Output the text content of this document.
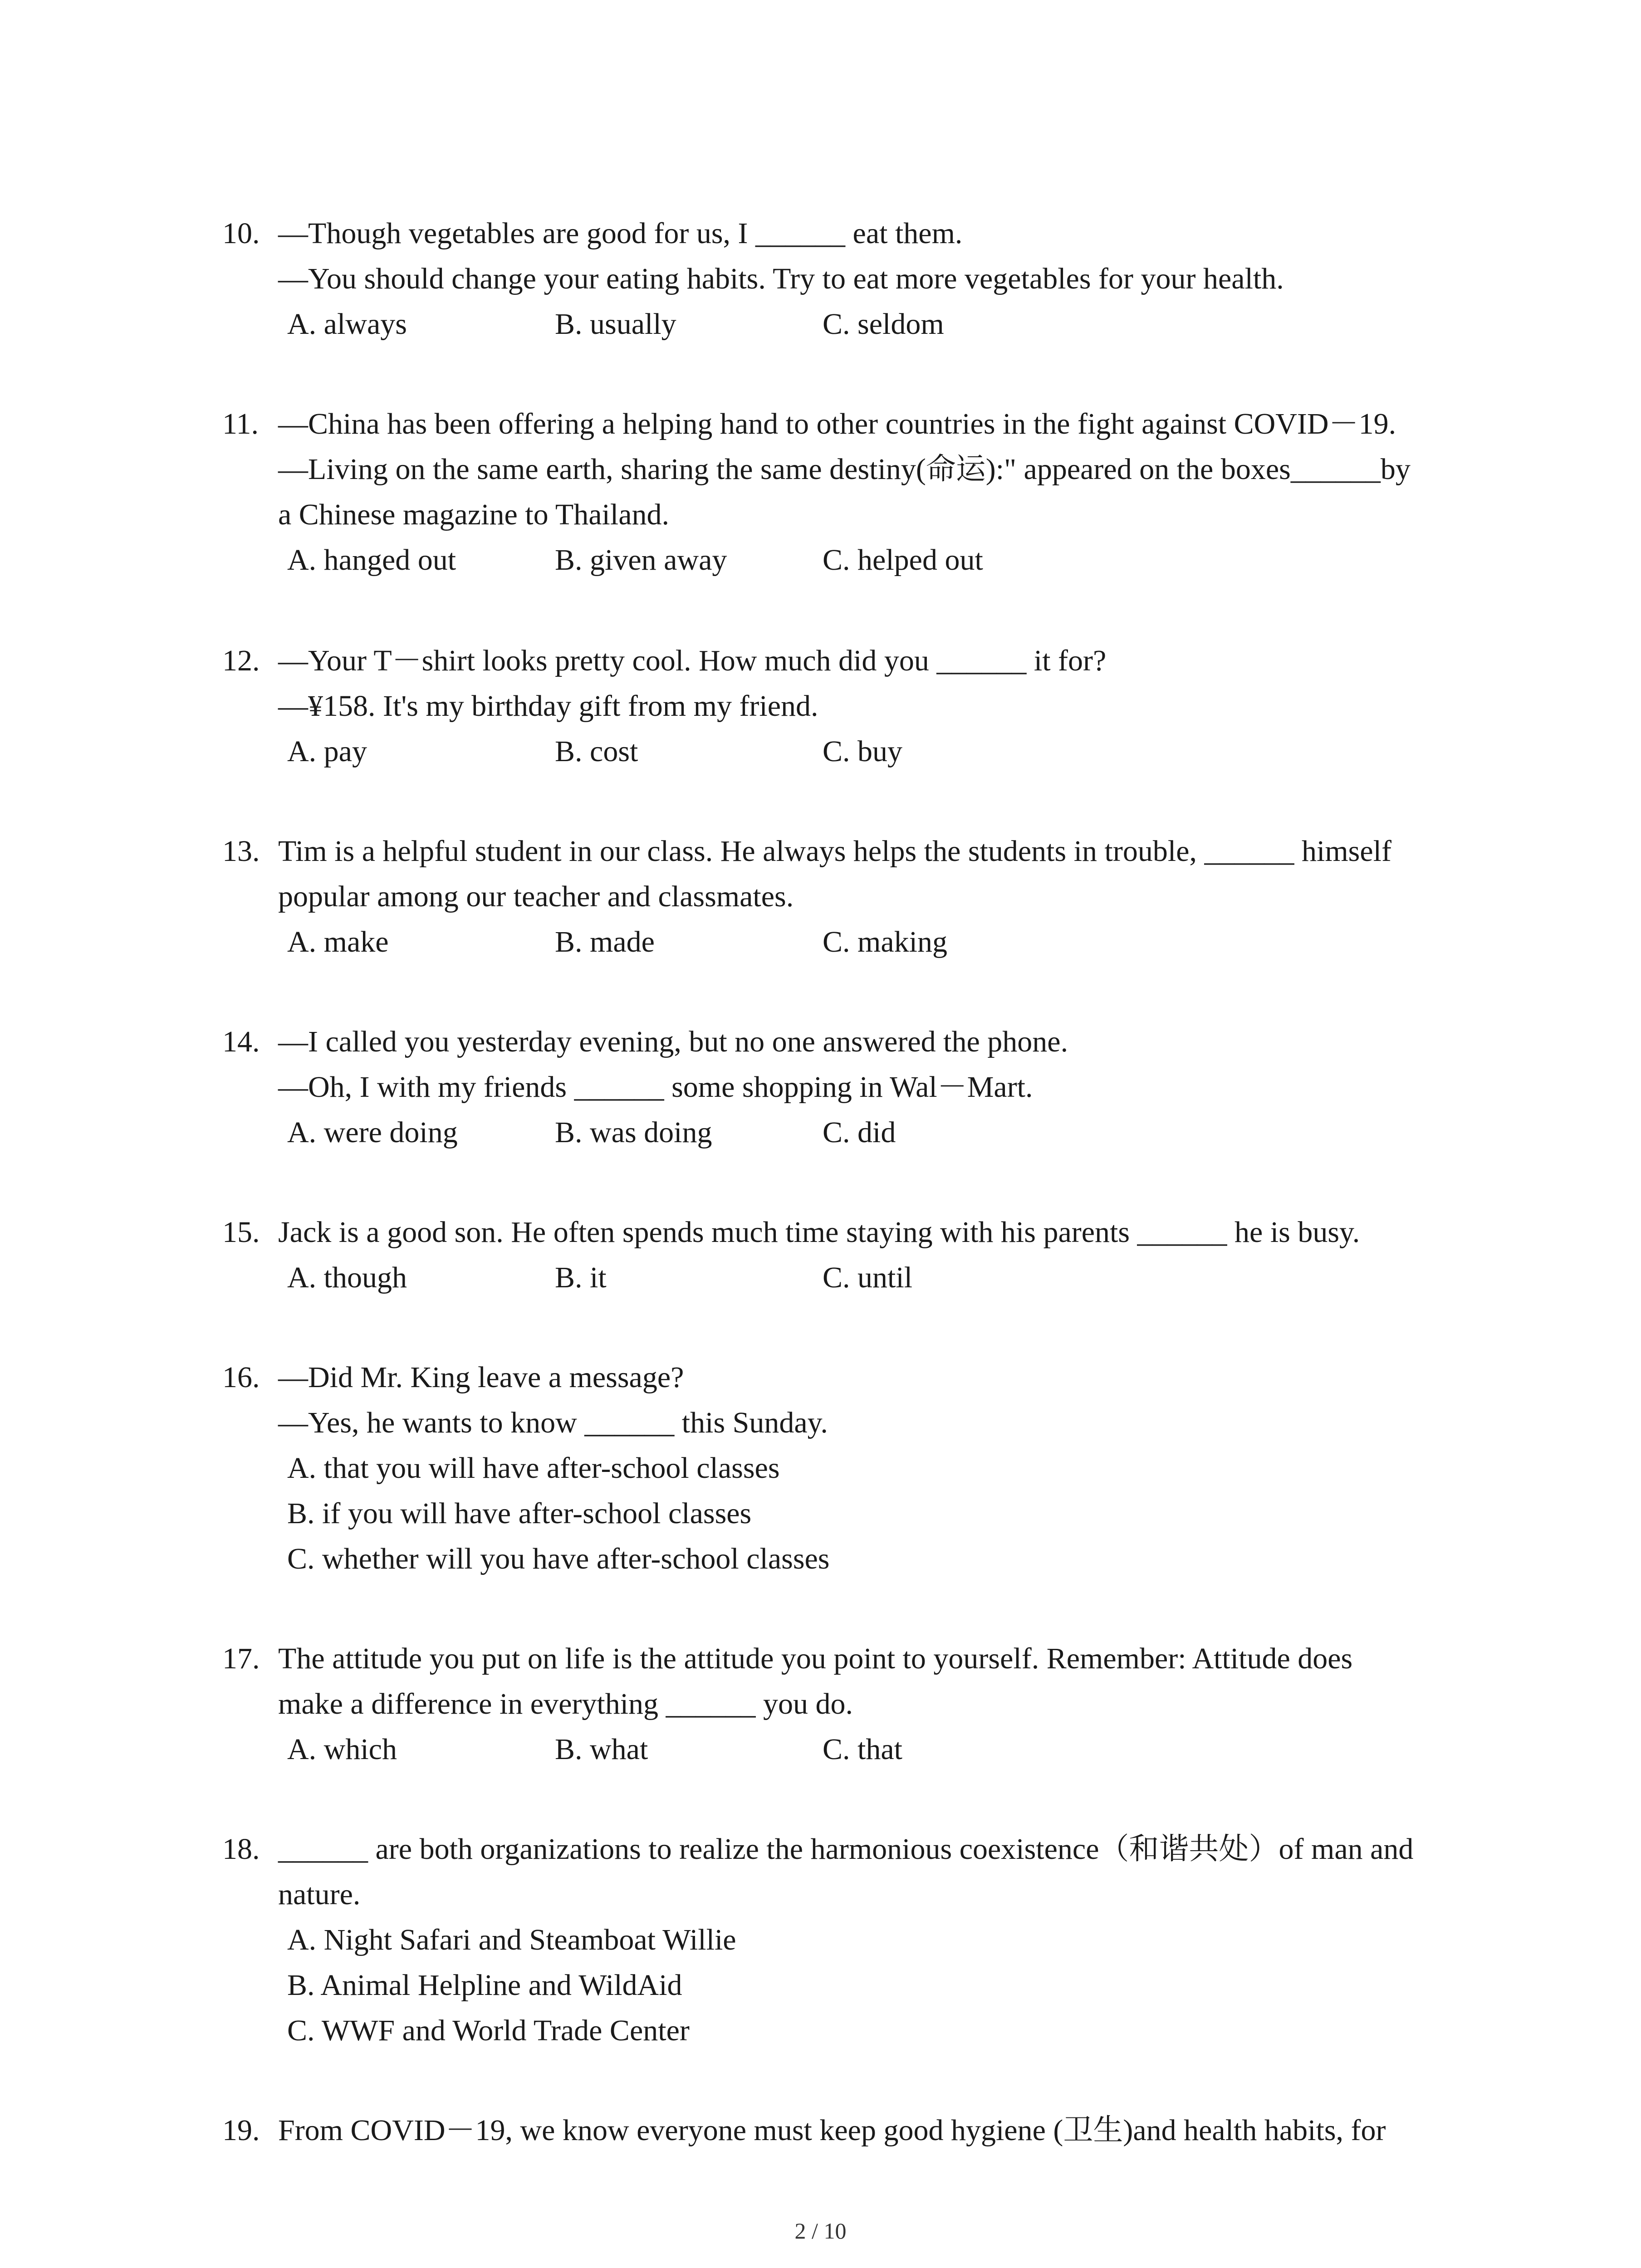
10. —Though vegetables are good for us, I ______ eat them.
—You should change your eating habits. Try to eat more vegetables for your health.
A. always	B. usually	C. seldom
11. —China has been offering a helping hand to other countries in the fight against COVID－19.
—Living on the same earth, sharing the same destiny(命运):" appeared on the boxes______by
a Chinese magazine to Thailand.
A. hanged out	B. given away	C. helped out
12. —Your T－shirt looks pretty cool. How much did you ______ it for?
—¥158. It's my birthday gift from my friend.
A. pay	B. cost	C. buy
13. Tim is a helpful student in our class. He always helps the students in trouble, ______ himself
popular among our teacher and classmates.
A. make	B. made	C. making
14. —I called you yesterday evening, but no one answered the phone.
—Oh, I with my friends ______ some shopping in Wal－Mart.
A. were doing	B. was doing	C. did
15. Jack is a good son. He often spends much time staying with his parents ______ he is busy.
A. though	B. it	C. until
16. —Did Mr. King leave a message?
—Yes, he wants to know ______ this Sunday.
A. that you will have after-school classes
B. if you will have after-school classes
C. whether will you have after-school classes
17. The attitude you put on life is the attitude you point to yourself. Remember: Attitude does
make a difference in everything ______ you do.
A. which	B. what	C. that
18. ______ are both organizations to realize the harmonious coexistence（和谐共处）of man and
nature.
A. Night Safari and Steamboat Willie
B. Animal Helpline and WildAid
C. WWF and World Trade Center
19. From COVID－19, we know everyone must keep good hygiene (卫生)and health habits, for
2 / 10
